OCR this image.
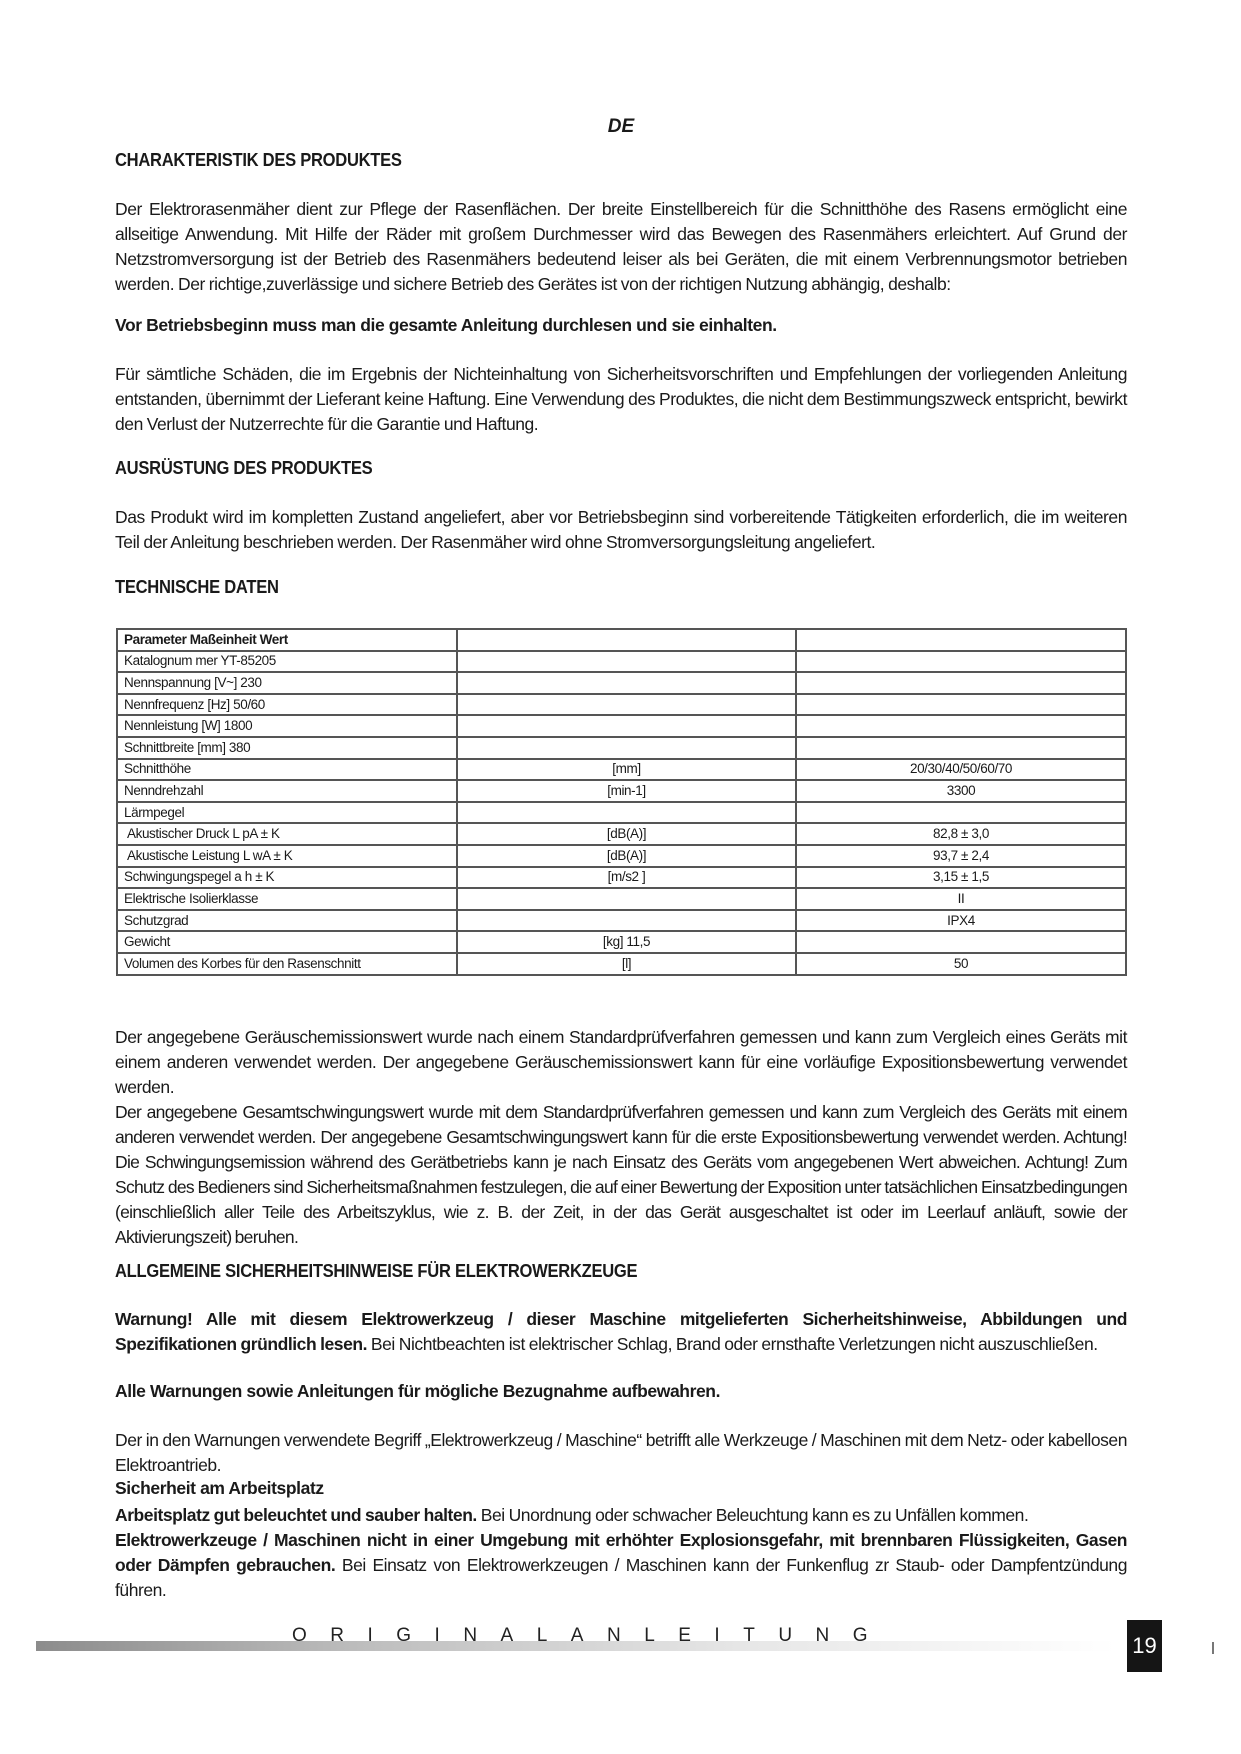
DE
CHARAKTERISTIK DES PRODUKTES
Der Elektrorasenmäher dient zur Pflege der Rasenflächen. Der breite Einstellbereich für die Schnitthöhe des Rasens ermöglicht eine allseitige Anwendung. Mit Hilfe der Räder mit großem Durchmesser wird das Bewegen des Rasenmähers erleichtert. Auf Grund der Netzstromversorgung ist der Betrieb des Rasenmähers bedeutend leiser als bei Geräten, die mit einem Verbrennungsmotor betrieben werden. Der richtige,zuverlässige und sichere Betrieb des Gerätes ist von der richtigen Nutzung abhängig, deshalb:
Vor Betriebsbeginn muss man die gesamte Anleitung durchlesen und sie einhalten.
Für sämtliche Schäden, die im Ergebnis der Nichteinhaltung von Sicherheitsvorschriften und Empfehlungen der vorliegenden Anleitung entstanden, übernimmt der Lieferant keine Haftung. Eine Verwendung des Produktes, die nicht dem Bestimmungszweck entspricht, bewirkt den Verlust der Nutzerrechte für die Garantie und Haftung.
AUSRÜSTUNG DES PRODUKTES
Das Produkt wird im kompletten Zustand angeliefert, aber vor Betriebsbeginn sind vorbereitende Tätigkeiten erforderlich, die im weiteren Teil der Anleitung beschrieben werden. Der Rasenmäher wird ohne Stromversorgungsleitung angeliefert.
TECHNISCHE DATEN
Parameter Maßeinheit Wert		
Katalognum mer YT-85205		
Nennspannung [V~] 230		
Nennfrequenz [Hz] 50/60		
Nennleistung [W] 1800		
Schnittbreite [mm] 380		
Schnitthöhe	[mm]	20/30/40/50/60/70
Nenndrehzahl	[min-1]	3300
Lärmpegel		
Akustischer Druck L pA ± K	[dB(A)]	82,8 ± 3,0
Akustische Leistung L wA ± K	[dB(A)]	93,7 ± 2,4
Schwingungspegel a h ± K	[m/s2 ]	3,15 ± 1,5
Elektrische Isolierklasse		II
Schutzgrad		IPX4
Gewicht	[kg] 11,5	
Volumen des Korbes für den Rasenschnitt	[l]	50
Der angegebene Geräuschemissionswert wurde nach einem Standardprüfverfahren gemessen und kann zum Vergleich eines Geräts mit einem anderen verwendet werden. Der angegebene Geräuschemissionswert kann für eine vorläufige Expositionsbewertung verwendet werden.
Der angegebene Gesamtschwingungswert wurde mit dem Standardprüfverfahren gemessen und kann zum Vergleich des Geräts mit einem anderen verwendet werden. Der angegebene Gesamtschwingungswert kann für die erste Expositionsbewertung verwendet werden. Achtung! Die Schwingungsemission während des Gerätbetriebs kann je nach Einsatz des Geräts vom angegebenen Wert abweichen. Achtung! Zum Schutz des Bedieners sind Sicherheitsmaßnahmen festzulegen, die auf einer Bewertung der Exposition unter tatsächlichen Einsatzbedingungen (einschließlich aller Teile des Arbeitszyklus, wie z. B. der Zeit, in der das Gerät ausgeschaltet ist oder im Leerlauf anläuft, sowie der Aktivierungszeit) beruhen.
ALLGEMEINE SICHERHEITSHINWEISE FÜR ELEKTROWERKZEUGE
Warnung! Alle mit diesem Elektrowerkzeug / dieser Maschine mitgelieferten Sicherheitshinweise, Abbildungen und Spezifikationen gründlich lesen. Bei Nichtbeachten ist elektrischer Schlag, Brand oder ernsthafte Verletzungen nicht auszuschließen.
Alle Warnungen sowie Anleitungen für mögliche Bezugnahme aufbewahren.
Der in den Warnungen verwendete Begriff „Elektrowerkzeug / Maschine“ betrifft alle Werkzeuge / Maschinen mit dem Netz- oder kabellosen Elektroantrieb.
Sicherheit am Arbeitsplatz
Arbeitsplatz gut beleuchtet und sauber halten. Bei Unordnung oder schwacher Beleuchtung kann es zu Unfällen kommen.
Elektrowerkzeuge / Maschinen nicht in einer Umgebung mit erhöhter Explosionsgefahr, mit brennbaren Flüssigkeiten, Gasen oder Dämpfen gebrauchen. Bei Einsatz von Elektrowerkzeugen / Maschinen kann der Funkenflug zr Staub- oder Dampfentzündung führen.
ORIGINALANLEITUNG	19
